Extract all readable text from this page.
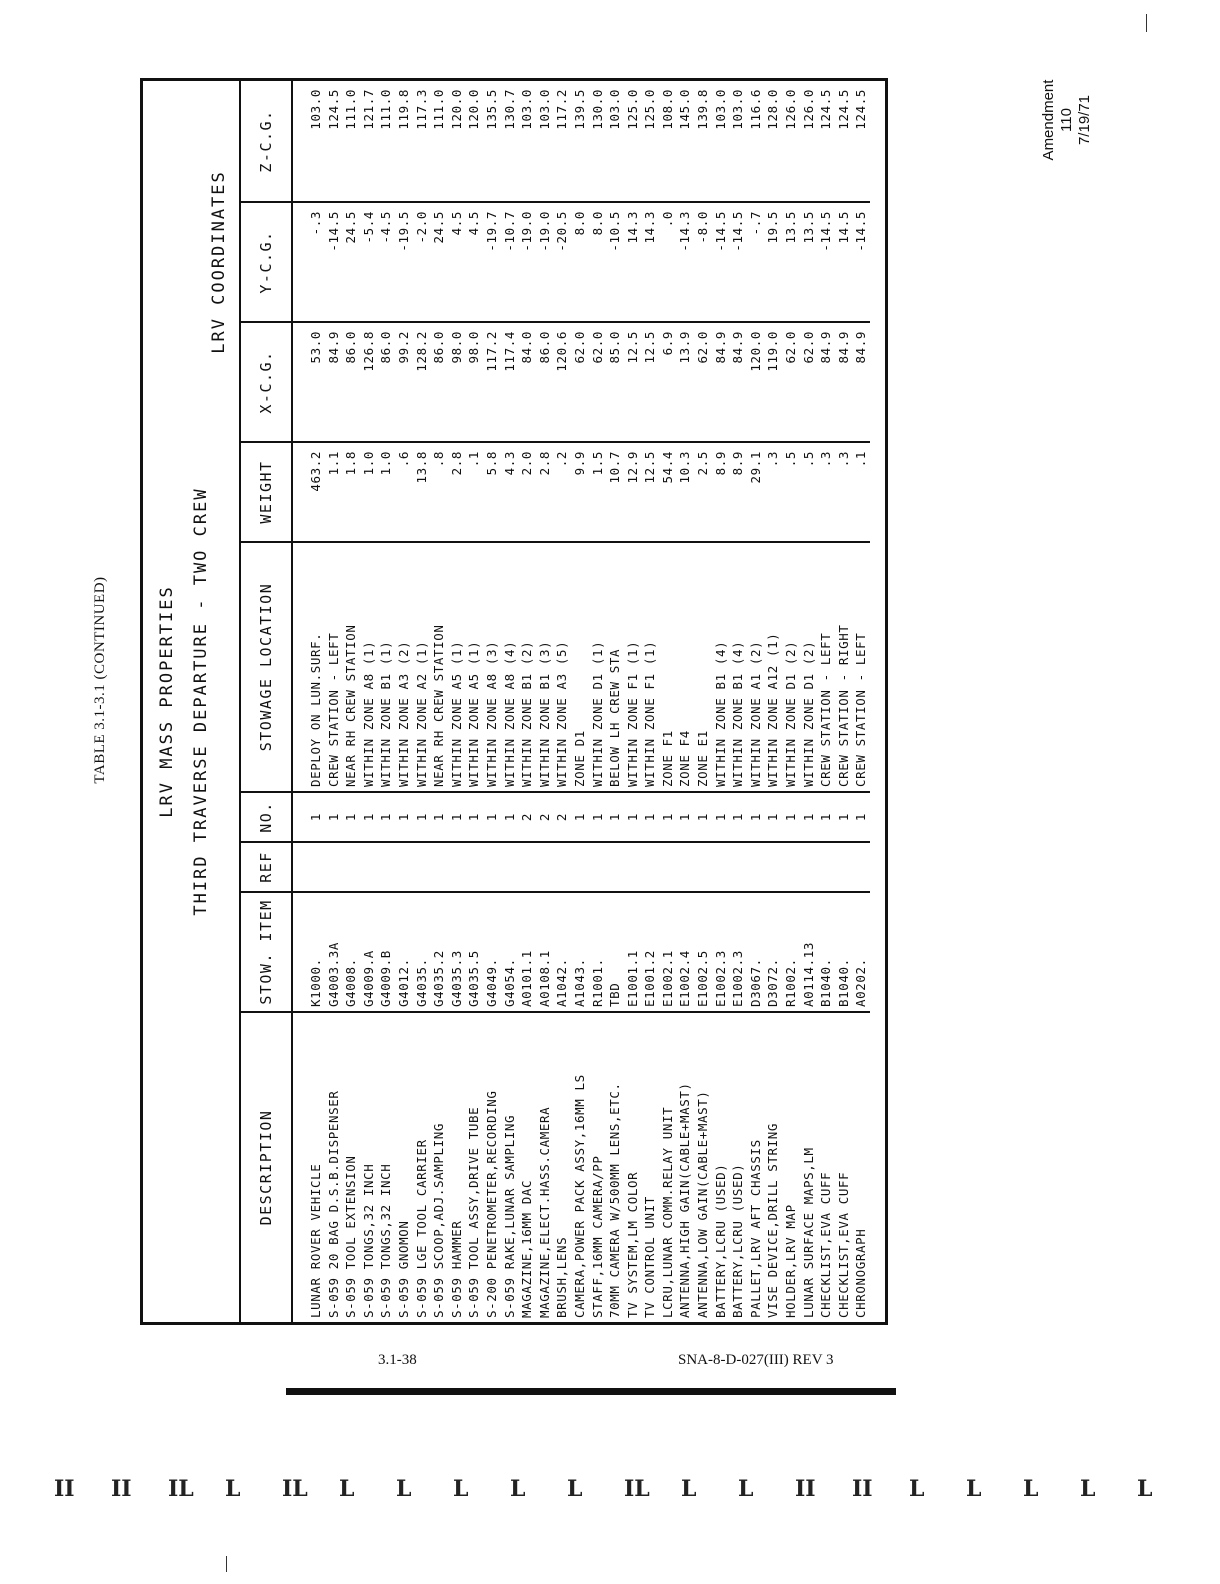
Amendment 110 7/19/71
TABLE 3.1-3.1 (CONTINUED)	LRV MASS PROPERTIES THIRD TRAVERSE DEPARTURE - TWO CREW
LRV COORDINATES
DESCRIPTION	STOW. ITEM	REF	NO.	STOWAGE LOCATION	WEIGHT	X-C.G.	Y-C.G.	Z-C.G.
LUNAR ROVER VEHICLE	K1000.		1	DEPLOY ON LUN.SURF.	463.2	53.0	-.3	103.0
S-059 20 BAG D.S.B.DISPENSER	G4003.3A		1	CREW STATION - LEFT	1.1	84.9	-14.5	124.5
S-059 TOOL EXTENSION	G4008.		1	NEAR RH CREW STATION	1.8	86.0	24.5	111.0
S-059 TONGS,32 INCH	G4009.A		1	WITHIN ZONE A8 (1)	1.0	126.8	-5.4	121.7
S-059 TONGS,32 INCH	G4009.B		1	WITHIN ZONE B1 (1)	1.0	86.0	-4.5	111.0
S-059 GNOMON	G4012.		1	WITHIN ZONE A3 (2)	.6	99.2	-19.5	119.8
S-059 LGE TOOL CARRIER	G4035.		1	WITHIN ZONE A2 (1)	13.8	128.2	-2.0	117.3
S-059 SCOOP,ADJ.SAMPLING	G4035.2		1	NEAR RH CREW STATION	.8	86.0	24.5	111.0
S-059 HAMMER	G4035.3		1	WITHIN ZONE A5 (1)	2.8	98.0	4.5	120.0
S-059 TOOL ASSY,DRIVE TUBE	G4035.5		1	WITHIN ZONE A5 (1)	.1	98.0	4.5	120.0
S-200 PENETROMETER,RECORDING	G4049.		1	WITHIN ZONE A8 (3)	5.8	117.2	-19.7	135.5
S-059 RAKE,LUNAR SAMPLING	G4054.		1	WITHIN ZONE A8 (4)	4.3	117.4	-10.7	130.7
MAGAZINE,16MM DAC	A0101.1		2	WITHIN ZONE B1 (2)	2.0	84.0	-19.0	103.0
MAGAZINE,ELECT.HASS.CAMERA	A0108.1		2	WITHIN ZONE B1 (3)	2.8	86.0	-19.0	103.0
BRUSH,LENS	A1042.		2	WITHIN ZONE A3 (5)	.2	120.6	-20.5	117.2
CAMERA,POWER PACK ASSY,16MM LS	A1043.		1	ZONE D1	9.9	62.0	8.0	139.5
STAFF,16MM CAMERA/PP	R1001.		1	WITHIN ZONE D1 (1)	1.5	62.0	8.0	130.0
70MM CAMERA W/500MM LENS,ETC.	TBD		1	BELOW LH CREW STA	10.7	85.0	-10.5	103.0
TV SYSTEM,LM COLOR	E1001.1		1	WITHIN ZONE F1 (1)	12.9	12.5	14.3	125.0
TV CONTROL UNIT	E1001.2		1	WITHIN ZONE F1 (1)	12.5	12.5	14.3	125.0
LCRU,LUNAR COMM.RELAY UNIT	E1002.1		1	ZONE F1	54.4	6.9	.0	108.0
ANTENNA,HIGH GAIN(CABLE+MAST)	E1002.4		1	ZONE F4	10.3	13.9	-14.3	145.0
ANTENNA,LOW GAIN(CABLE+MAST)	E1002.5		1	ZONE E1	2.5	62.0	-8.0	139.8
BATTERY,LCRU (USED)	E1002.3		1	WITHIN ZONE B1 (4)	8.9	84.9	-14.5	103.0
BATTERY,LCRU (USED)	E1002.3		1	WITHIN ZONE B1 (4)	8.9	84.9	-14.5	103.0
PALLET,LRV AFT CHASSIS	D3067.		1	WITHIN ZONE A1 (2)	29.1	120.0	-.7	116.6
VISE DEVICE,DRILL STRING	D3072.		1	WITHIN ZONE A12 (1)	.3	119.0	19.5	128.0
HOLDER,LRV MAP	R1002.		1	WITHIN ZONE D1 (2)	.5	62.0	13.5	126.0
LUNAR SURFACE MAPS,LM	A0114.13		1	WITHIN ZONE D1 (2)	.5	62.0	13.5	126.0
CHECKLIST,EVA CUFF	B1040.		1	CREW STATION - LEFT	.3	84.9	-14.5	124.5
CHECKLIST,EVA CUFF	B1040.		1	CREW STATION - RIGHT	.3	84.9	14.5	124.5
CHRONOGRAPH	A0202.		1	CREW STATION - LEFT	.1	84.9	-14.5	124.5
3.1-38	SNA-8-D-027(III) REV 3
II II IL L IL L L L L L IL L L II II L L L L L
